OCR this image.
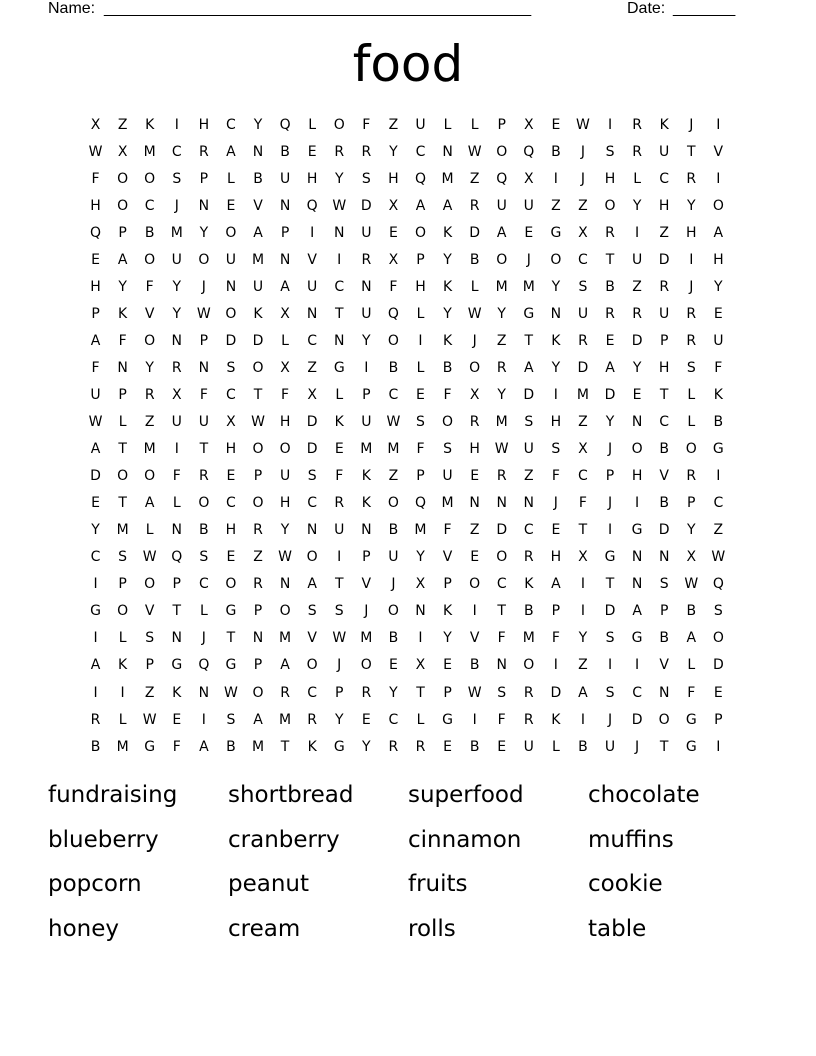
Name: ________________________________________________	Date: _______
food
X	Z	K	I	H	C	Y	Q	L	O	F	Z	U	L	L	P	X	E	W	I	R	K	J	I
W	X	M	C	R	A	N	B	E	R	R	Y	C	N	W	O	Q	B	J	S	R	U	T	V
F	O	O	S	P	L	B	U	H	Y	S	H	Q	M	Z	Q	X	I	J	H	L	C	R	I
H	O	C	J	N	E	V	N	Q	W	D	X	A	A	R	U	U	Z	Z	O	Y	H	Y	O
Q	P	B	M	Y	O	A	P	I	N	U	E	O	K	D	A	E	G	X	R	I	Z	H	A
E	A	O	U	O	U	M	N	V	I	R	X	P	Y	B	O	J	O	C	T	U	D	I	H
H	Y	F	Y	J	N	U	A	U	C	N	F	H	K	L	M	M	Y	S	B	Z	R	J	Y
P	K	V	Y	W	O	K	X	N	T	U	Q	L	Y	W	Y	G	N	U	R	R	U	R	E
A	F	O	N	P	D	D	L	C	N	Y	O	I	K	J	Z	T	K	R	E	D	P	R	U
F	N	Y	R	N	S	O	X	Z	G	I	B	L	B	O	R	A	Y	D	A	Y	H	S	F
U	P	R	X	F	C	T	F	X	L	P	C	E	F	X	Y	D	I	M	D	E	T	L	K
W	L	Z	U	U	X	W	H	D	K	U	W	S	O	R	M	S	H	Z	Y	N	C	L	B
A	T	M	I	T	H	O	O	D	E	M	M	F	S	H	W	U	S	X	J	O	B	O	G
D	O	O	F	R	E	P	U	S	F	K	Z	P	U	E	R	Z	F	C	P	H	V	R	I
E	T	A	L	O	C	O	H	C	R	K	O	Q	M	N	N	N	J	F	J	I	B	P	C
Y	M	L	N	B	H	R	Y	N	U	N	B	M	F	Z	D	C	E	T	I	G	D	Y	Z
C	S	W	Q	S	E	Z	W	O	I	P	U	Y	V	E	O	R	H	X	G	N	N	X	W
I	P	O	P	C	O	R	N	A	T	V	J	X	P	O	C	K	A	I	T	N	S	W	Q
G	O	V	T	L	G	P	O	S	S	J	O	N	K	I	T	B	P	I	D	A	P	B	S
I	L	S	N	J	T	N	M	V	W	M	B	I	Y	V	F	M	F	Y	S	G	B	A	O
A	K	P	G	Q	G	P	A	O	J	O	E	X	E	B	N	O	I	Z	I	I	V	L	D
I	I	Z	K	N	W	O	R	C	P	R	Y	T	P	W	S	R	D	A	S	C	N	F	E
R	L	W	E	I	S	A	M	R	Y	E	C	L	G	I	F	R	K	I	J	D	O	G	P
B	M	G	F	A	B	M	T	K	G	Y	R	R	E	B	E	U	L	B	U	J	T	G	I
fundraising	shortbread	superfood	chocolate
blueberry	cranberry	cinnamon	muffins
popcorn	peanut	fruits	cookie
honey	cream	rolls	table
